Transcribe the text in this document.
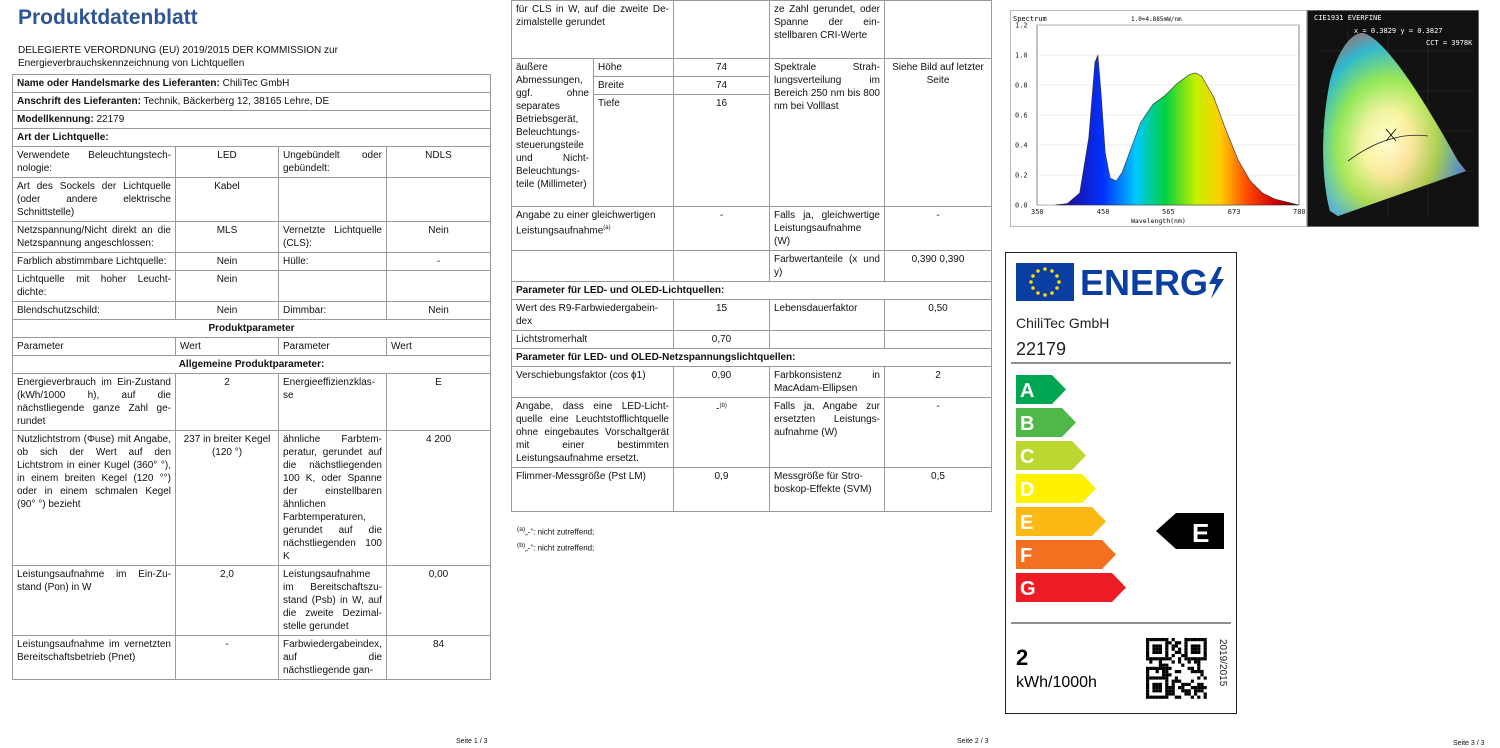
Produktdatenblatt
DELEGIERTE VERORDNUNG (EU) 2019/2015 DER KOMMISSION zur Energieverbrauchskennzeichnung von Lichtquellen
Name oder Handelsmarke des Lieferanten: ChiliTec GmbH			
Anschrift des Lieferanten: Technik, Bäckerberg 12, 38165 Lehre, DE			
Modellkennung: 22179			
Art der Lichtquelle:			
Verwendete Beleuchtungstechnologie:	LED	Ungebündelt oder gebündelt:	NDLS
Art des Sockels der Lichtquelle (oder andere elektrische Schnittstelle)	Kabel		
Netzspannung/Nicht direkt an die Netzspannung angeschlossen:	MLS	Vernetzte Lichtquelle (CLS):	Nein
Farblich abstimmbare Lichtquelle:	Nein	Hülle:	-
Lichtquelle mit hoher Leuchtdichte:	Nein		
Blendschutzschild:	Nein	Dimmbar:	Nein
Produktparameter			
Parameter	Wert	Parameter	Wert
Allgemeine Produktparameter:			
Energieverbrauch im Ein-Zustand (kWh/1000 h), auf die nächstliegende ganze Zahl gerundet	2	Energieeffizienzklasse	E
Nutzlichtstrom (Φuse) mit Angabe, ob sich der Wert auf den Lichtstrom in einer Kugel (360° °), in einem breiten Kegel (120 °°) oder in einem schmalen Kegel (90° °) bezieht	237 in breiter Kegel (120 °)	ähnliche Farbtemperatur, gerundet auf die nächstliegenden 100 K, oder Spanne der einstellbaren ähnlichen Farbtemperaturen, gerundet auf die nächstliegenden 100 K	4 200
Leistungsaufnahme im Ein-Zustand (Pon) in W	2,0	Leistungsaufnahme im Bereitschaftszustand (Psb) in W, auf die zweite Dezimalstelle gerundet	0,00
Leistungsaufnahme im vernetzten Bereitschaftsbetrieb (Pnet)	-	Farbwiedergabeindex, auf die nächstliegende gan-	84
Seite 1 / 3
für CLS in W, auf die zweite Dezimalstelle gerundet			ze Zahl gerundet, oder Spanne der einstellbaren CRI-Werte	
äußere Abmessungen, ggf. ohne separates Betriebsgerät, Beleuchtungssteuerungsteile und Nicht-Beleuchtungsteile (Millimeter)	Höhe	74	Spektrale Strahlungsverteilung im Bereich 250 nm bis 800 nm bei Volllast	Siehe Bild auf letzter Seite
	Breite	74		
	Tiefe	16		
Angabe zu einer gleichwertigen Leistungsaufnahme$^{(a)}$		-	Falls ja, gleichwertige Leistungsaufnahme (W)	-
			Farbwertanteile (x und y)	0,390 0,390
Parameter für LED- und OLED-Lichtquellen:				
Wert des R9-Farbwiedergabeindex		15	Lebensdauerfaktor	0,50
Lichtstromerhalt		0,70		
Parameter für LED- und OLED-Netzspannungslichtquellen:				
Verschiebungsfaktor (cos ϕ1)		0,90	Farbkonsistenz in MacAdam-Ellipsen	2
Angabe, dass eine LED-Lichtquelle eine Leuchtstofflichtquelle ohne eingebautes Vorschaltgerät mit einer bestimmten Leistungsaufnahme ersetzt.		-$^{(b)}$	Falls ja, Angabe zur ersetzten Leistungsaufnahme (W)	-
Flimmer-Messgröße (Pst LM)		0,9	Messgröße für Stroboskop-Effekte (SVM)	0,5
$^{(a)}$„-“: nicht zutreffend;
$^{(b)}$„-“: nicht zutreffend;
Seite 2 / 3
1.2
1.0
0.8
0.6
0.4
0.2
0.0
350	458	565	673	780
Spectrum	1.0=4.885mW/nm
Wavelength(nm)
CIE1931 EVERFINE
x = 0.3829 y = 0.3827
CCT = 3978K
ENERG
ChiliTec GmbH
22179
A
B
C
D
E
F
G
E
2
kWh/1000h	2019/2015
Seite 3 / 3
